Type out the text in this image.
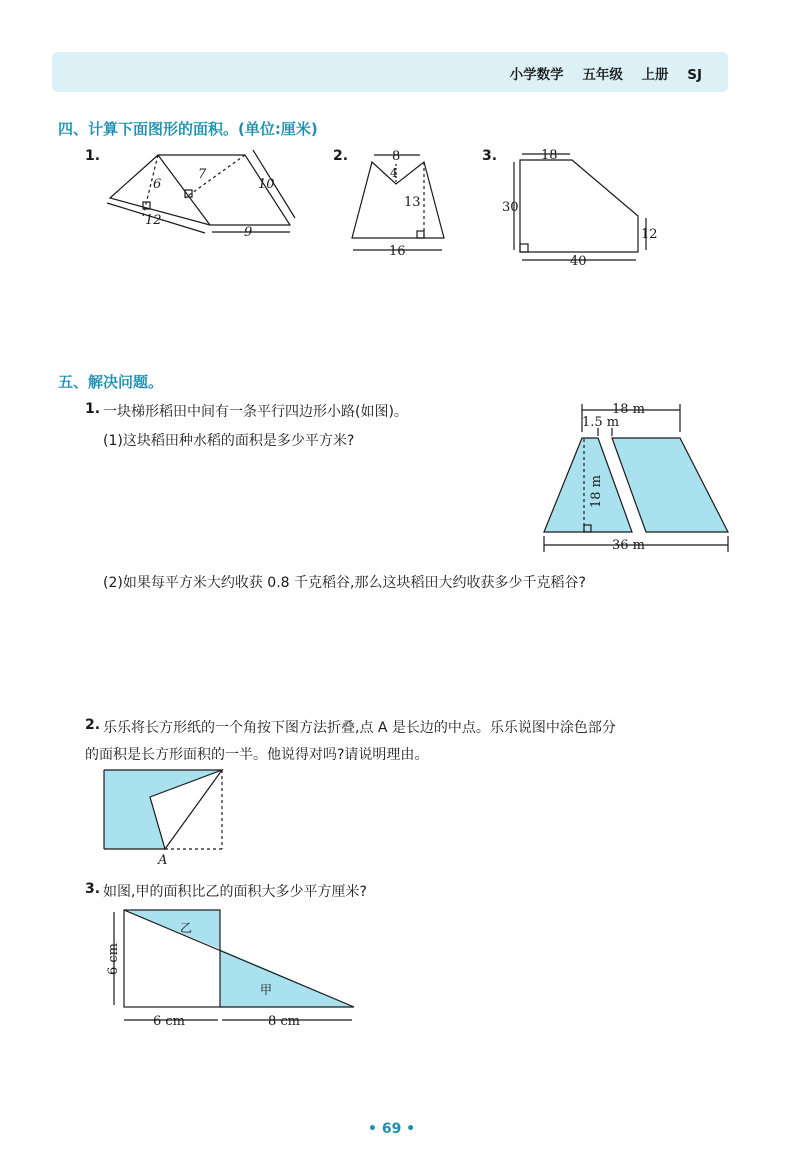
小学数学 五年级 上册 SJ
四、计算下面图形的面积。(单位:厘米)
1.
6
7
10
12
9
2.	8
4
13
16
3.	18
30
12
40
五、解决问题。
1. 一块梯形稻田中间有一条平行四边形小路(如图)。
(1)这块稻田种水稻的面积是多少平方米?
(2)如果每平方米大约收获 0.8 千克稻谷,那么这块稻田大约收获多少千克稻谷?
18 m
1.5 m
18 m
36 m
2. 乐乐将长方形纸的一个角按下图方法折叠,点 A 是长边的中点。乐乐说图中涂色部分
的面积是长方形面积的一半。他说得对吗?请说明理由。
A
3. 如图,甲的面积比乙的面积大多少平方厘米?
乙
甲
6 cm
6 cm	8 cm
• 69 •
